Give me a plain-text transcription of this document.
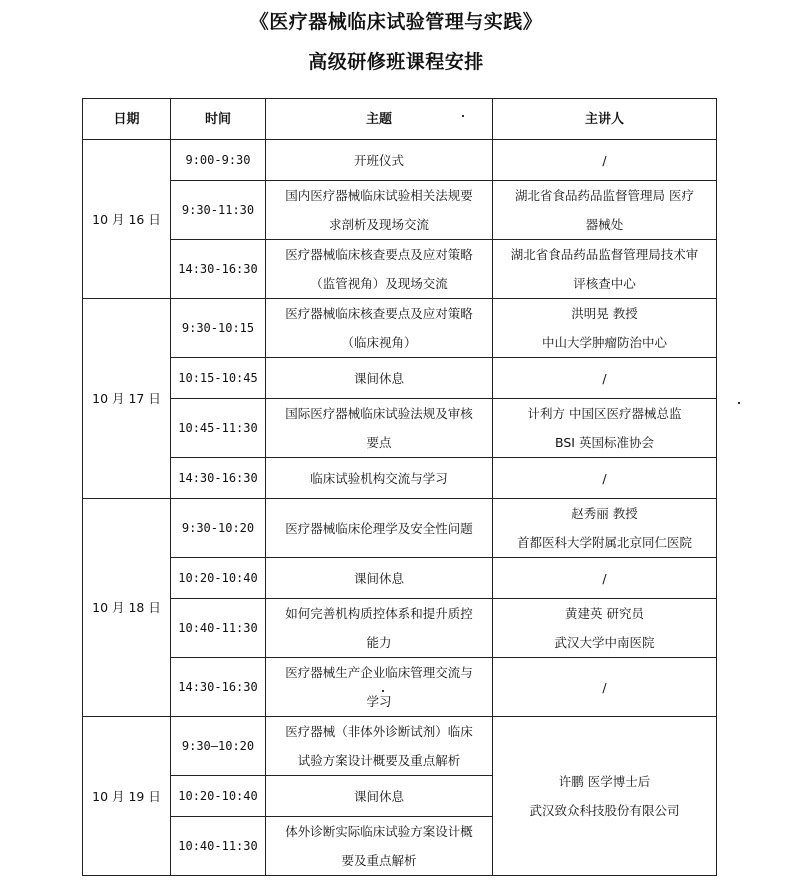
《医疗器械临床试验管理与实践》
高级研修班课程安排
日期	时间	主题	主讲人
10 月 16 日	9:00-9:30	开班仪式	/

	9:30-11:30	国内医疗器械临床试验相关法规要
求剖析及现场交流	湖北省食品药品监督管理局 医疗
器械处

	14:30-16:30	医疗器械临床核查要点及应对策略
（监管视角）及现场交流	湖北省食品药品监督管理局技术审
评核查中心

10 月 17 日	9:30-10:15	医疗器械临床核查要点及应对策略
（临床视角）	洪明晃 教授
中山大学肿瘤防治中心

	10:15-10:45	课间休息	/

	10:45-11:30	国际医疗器械临床试验法规及审核
要点	计利方 中国区医疗器械总监
BSI 英国标准协会

	14:30-16:30	临床试验机构交流与学习	/

10 月 18 日	9:30-10:20	医疗器械临床伦理学及安全性问题	赵秀丽 教授
首都医科大学附属北京同仁医院

	10:20-10:40	课间休息	/

	10:40-11:30	如何完善机构质控体系和提升质控
能力	黄建英 研究员
武汉大学中南医院

	14:30-16:30	医疗器械生产企业临床管理交流与
学习	/

10 月 19 日	9:30—10:20	医疗器械（非体外诊断试剂）临床
试验方案设计概要及重点解析	许鹏 医学博士后
武汉致众科技股份有限公司

	10:20-10:40	课间休息	

	10:40-11:30	体外诊断实际临床试验方案设计概
要及重点解析	
